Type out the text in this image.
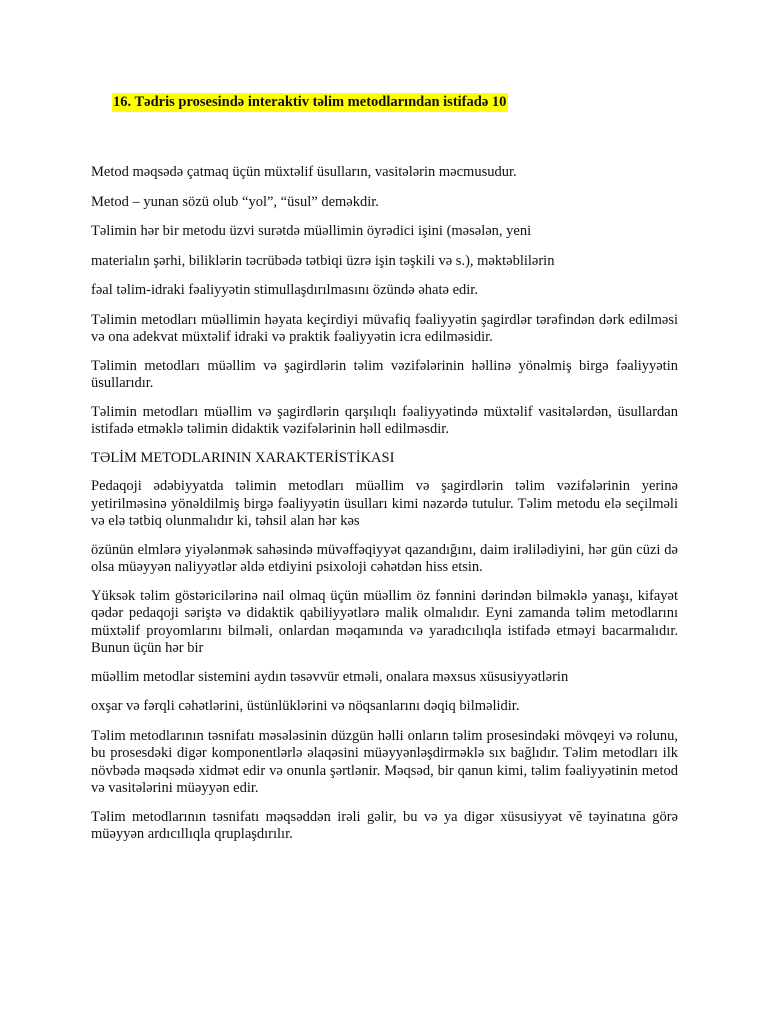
16. Tədris prosesində interaktiv təlim metodlarından istifadə 10

Metod məqsədə çatmaq üçün müxtəlif üsulların, vasitələrin məcmusudur.

Metod – yunan sözü olub “yol”, “üsul” deməkdir.

Təlimin hər bir metodu üzvi surətdə müəllimin öyrədici işini (məsələn, yeni

materialın şərhi, biliklərin təcrübədə tətbiqi üzrə işin təşkili və s.), məktəblilərin

fəal təlim-idraki fəaliyyətin stimullaşdırılmasını özündə əhatə edir.

Təlimin metodları müəllimin həyata keçirdiyi müvafiq fəaliyyətin şagirdlər tərəfindən dərk edilməsi və ona adekvat müxtəlif idraki və praktik fəaliyyətin icra edilməsidir.

Təlimin metodları müəllim və şagirdlərin təlim vəzifələrinin həllinə yönəlmiş birgə fəaliyyətin üsullarıdır.

Təlimin metodları müəllim və şagirdlərin qarşılıqlı fəaliyyətində müxtəlif vasitələrdən, üsullardan istifadə etməklə təlimin didaktik vəzifələrinin həll edilməsdir.

TƏLİM METODLARININ XARAKTERİSTİKASI

Pedaqoji ədəbiyyatda təlimin metodları müəllim və şagirdlərin təlim vəzifələrinin yerinə yetirilməsinə yönəldilmiş birgə fəaliyyətin üsulları kimi nəzərdə tutulur. Təlim metodu elə seçilməli və elə tətbiq olunmalıdır ki, təhsil alan hər kəs

özünün elmlərə yiyələnmək sahəsində müvəffəqiyyət qazandığını, daim irəlilədiyini, hər gün cüzi də olsa müəyyən naliyyətlər əldə etdiyini psixoloji cəhətdən hiss etsin.

Yüksək təlim göstəricilərinə nail olmaq üçün müəllim öz fənnini dərindən bilməklə yanaşı, kifayət qədər pedaqoji səriştə və didaktik qabiliyyətlərə malik olmalıdır. Eyni zamanda təlim metodlarını müxtəlif proyomlarını bilməli, onlardan məqamında və yaradıcılıqla istifadə etməyi bacarmalıdır. Bunun üçün hər bir

müəllim metodlar sistemini aydın təsəvvür etməli, onalara məxsus xüsusiyyətlərin

oxşar və fərqli cəhətlərini, üstünlüklərini və nöqsanlarını dəqiq bilməlidir.

Təlim metodlarının təsnifatı məsələsinin düzgün həlli onların təlim prosesindəki mövqeyi və rolunu, bu prosesdəki digər komponentlərlə əlaqəsini müəyyənləşdirməklə sıx bağlıdır. Təlim metodları ilk növbədə məqsədə xidmət edir və onunla şərtlənir. Məqsəd, bir qanun kimi, təlim fəaliyyətinin metod və vasitələrini müəyyən edir.

Təlim metodlarının təsnifatı məqsəddən irəli gəlir, bu və ya digər xüsusiyyət vĕ təyinatına görə müəyyən ardıcıllıqla qruplaşdırılır.
